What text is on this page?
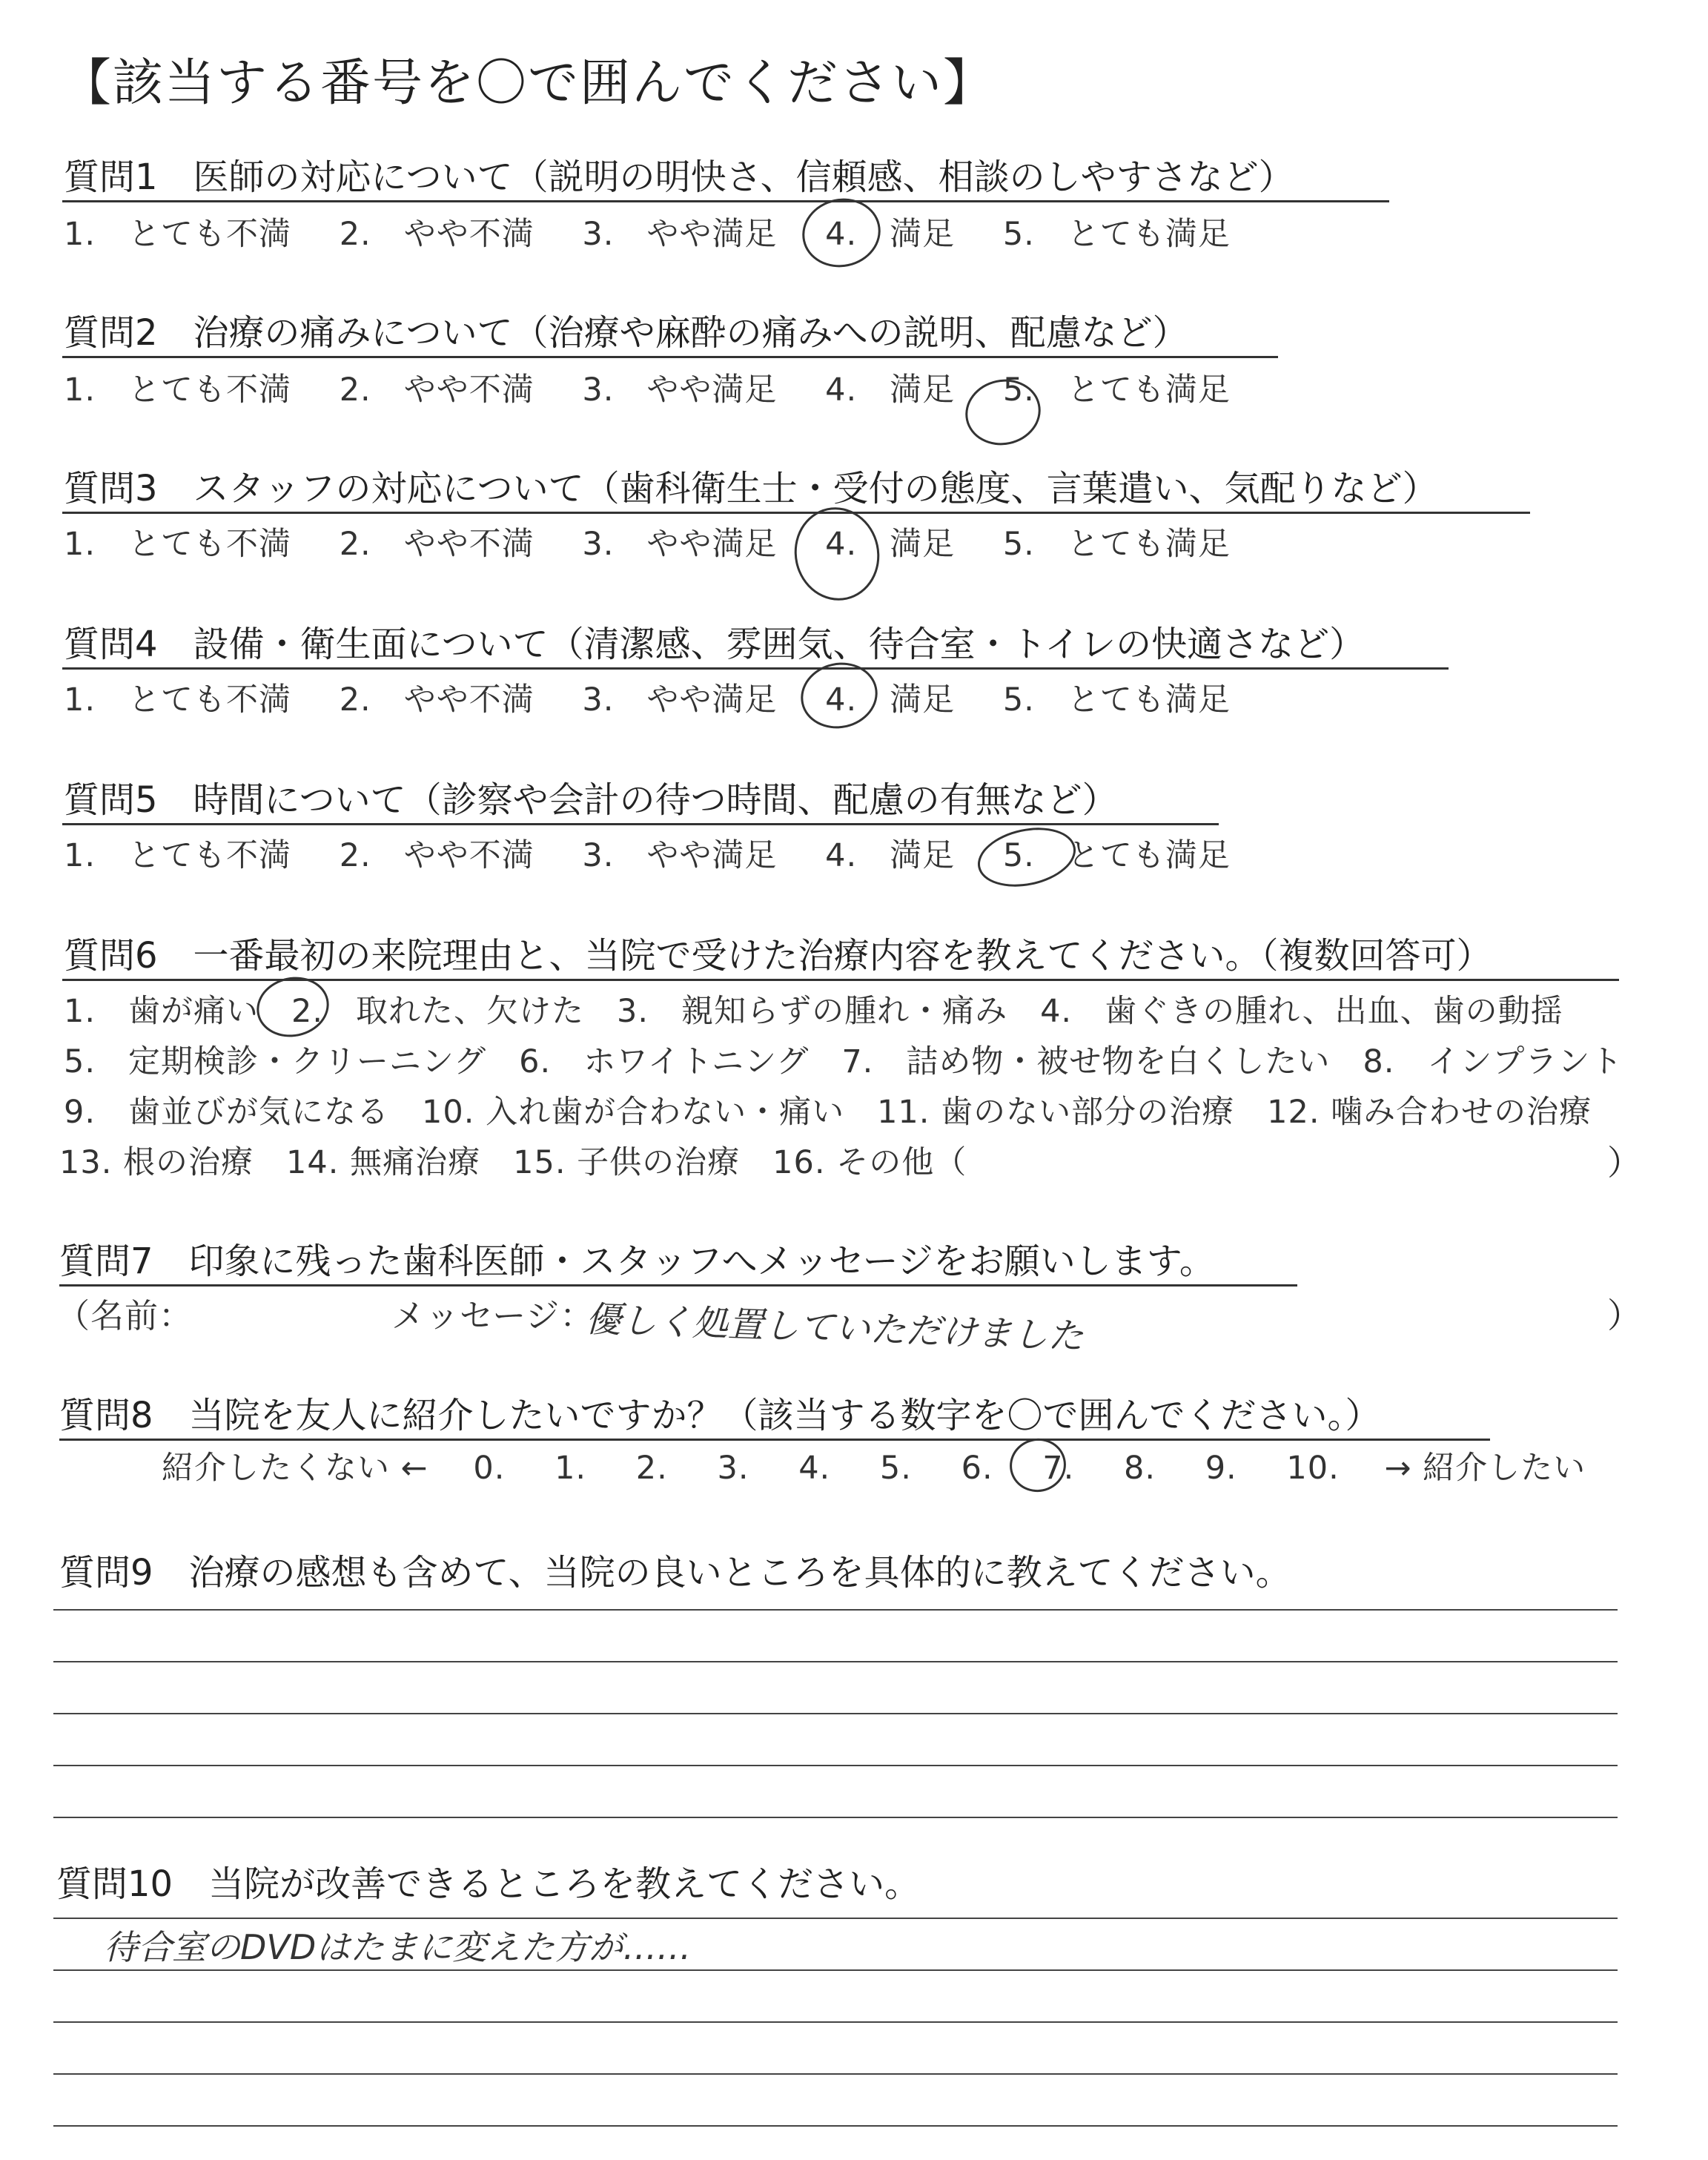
【該当する番号を〇で囲んでください】
質問1　医師の対応について（説明の明快さ、信頼感、相談のしやすさなど）
1.　とても不満 2.　やや不満 3.　やや満足 4.　満足 5.　とても満足
質問2　治療の痛みについて（治療や麻酔の痛みへの説明、配慮など）
1.　とても不満 2.　やや不満 3.　やや満足 4.　満足 5.　とても満足
質問3　スタッフの対応について（歯科衛生士・受付の態度、言葉遣い、気配りなど）
1.　とても不満 2.　やや不満 3.　やや満足 4.　満足 5.　とても満足
質問4　設備・衛生面について（清潔感、雰囲気、待合室・トイレの快適さなど）
1.　とても不満 2.　やや不満 3.　やや満足 4.　満足 5.　とても満足
質問5　時間について（診察や会計の待つ時間、配慮の有無など）
1.　とても不満 2.　やや不満 3.　やや満足 4.　満足 5.　とても満足
質問6　一番最初の来院理由と、当院で受けた治療内容を教えてください。（複数回答可）
1.　歯が痛い　2.　取れた、欠けた　3.　親知らずの腫れ・痛み　4.　歯ぐきの腫れ、出血、歯の動揺
5.　定期検診・クリーニング　6.　ホワイトニング　7.　詰め物・被せ物を白くしたい　8.　インプラント
9.　歯並びが気になる　10. 入れ歯が合わない・痛い　11. 歯のない部分の治療　12. 噛み合わせの治療
13. 根の治療　14. 無痛治療　15. 子供の治療　16. その他（	）
質問7　印象に残った歯科医師・スタッフへメッセージをお願いします。
（名前：	メッセージ：
優しく処置していただけました	）
質問8　当院を友人に紹介したいですか？（該当する数字を〇で囲んでください。）
紹介したくない ← 0. 1. 2. 3. 4. 5. 6. 7. 8. 9. 10. → 紹介したい
質問9　治療の感想も含めて、当院の良いところを具体的に教えてください。
質問10　当院が改善できるところを教えてください。
待合室のDVDはたまに変えた方が……
